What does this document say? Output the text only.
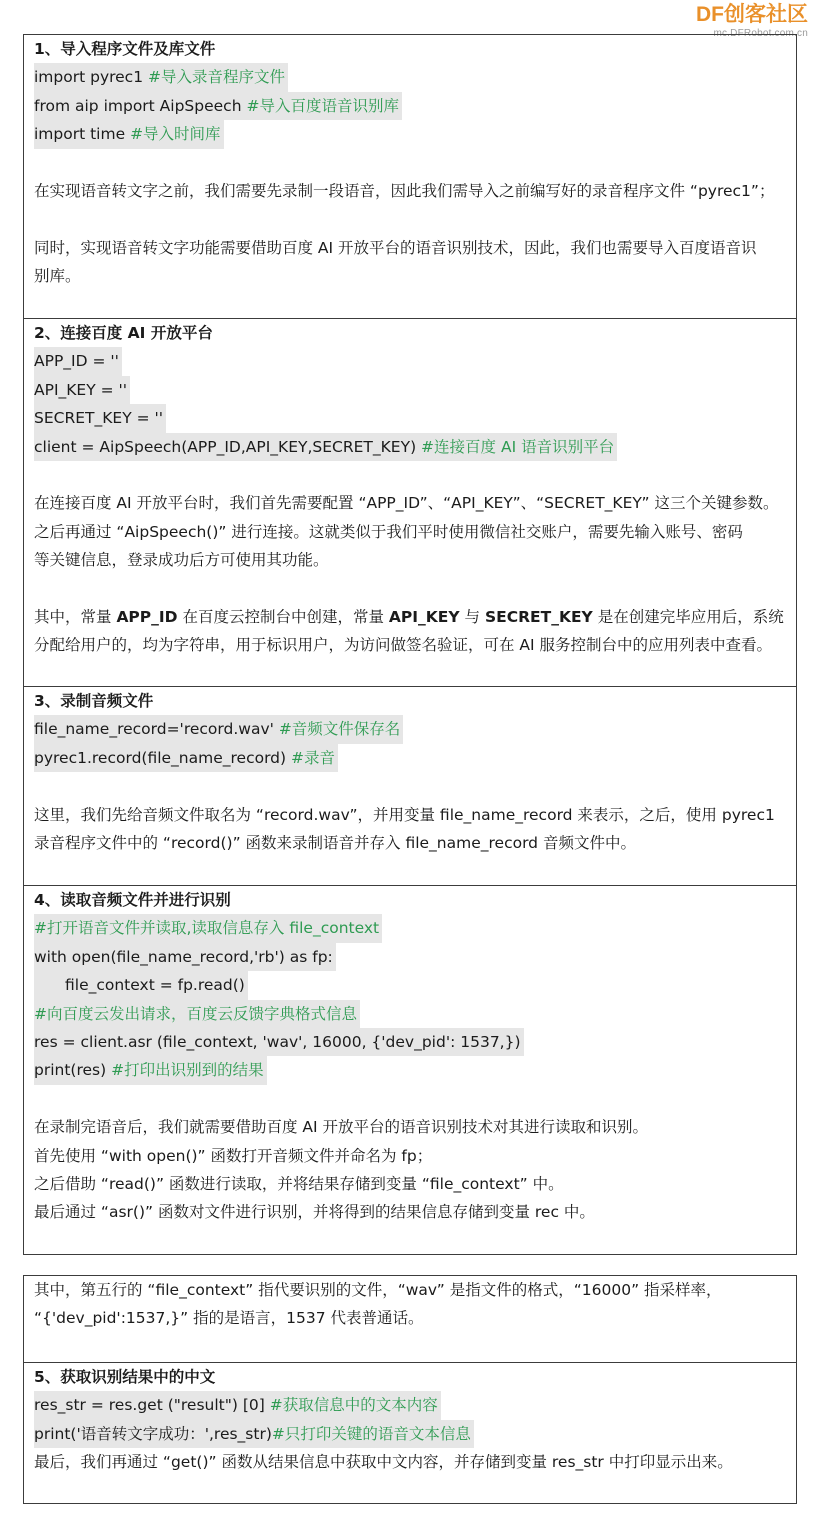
DF创客社区
mc.DFRobot.com.cn
1、导入程序文件及库文件
import pyrec1 #导入录音程序文件
from aip import AipSpeech #导入百度语音识别库
import time #导入时间库
在实现语音转文字之前，我们需要先录制一段语音，因此我们需导入之前编写好的录音程序文件 “pyrec1”；
同时，实现语音转文字功能需要借助百度 AI 开放平台的语音识别技术，因此，我们也需要导入百度语音识
别库。
2、连接百度 AI 开放平台
APP_ID = ''
API_KEY = ''
SECRET_KEY = ''
client = AipSpeech(APP_ID,API_KEY,SECRET_KEY) #连接百度 AI 语音识别平台
在连接百度 AI 开放平台时，我们首先需要配置 “APP_ID”、“API_KEY”、“SECRET_KEY” 这三个关键参数。
之后再通过 “AipSpeech()” 进行连接。这就类似于我们平时使用微信社交账户，需要先输入账号、密码
等关键信息，登录成功后方可使用其功能。
其中，常量 APP_ID 在百度云控制台中创建，常量 API_KEY 与 SECRET_KEY 是在创建完毕应用后，系统
分配给用户的，均为字符串，用于标识用户，为访问做签名验证，可在 AI 服务控制台中的应用列表中查看。
3、录制音频文件
file_name_record='record.wav' #音频文件保存名
pyrec1.record(file_name_record) #录音
这里，我们先给音频文件取名为 “record.wav”，并用变量 file_name_record 来表示，之后，使用 pyrec1
录音程序文件中的 “record()” 函数来录制语音并存入 file_name_record 音频文件中。
4、读取音频文件并进行识别
#打开语音文件并读取,读取信息存入 file_context
with open(file_name_record,'rb') as fp:
file_context = fp.read()
#向百度云发出请求，百度云反馈字典格式信息
res = client.asr (file_context, 'wav', 16000, {'dev_pid': 1537,})
print(res) #打印出识别到的结果
在录制完语音后，我们就需要借助百度 AI 开放平台的语音识别技术对其进行读取和识别。
首先使用 “with open()” 函数打开音频文件并命名为 fp；
之后借助 “read()” 函数进行读取，并将结果存储到变量 “file_context” 中。
最后通过 “asr()” 函数对文件进行识别，并将得到的结果信息存储到变量 rec 中。
其中，第五行的 “file_context” 指代要识别的文件，“wav” 是指文件的格式，“16000” 指采样率，
“{'dev_pid':1537,}” 指的是语言，1537 代表普通话。
5、获取识别结果中的中文
res_str = res.get ("result") [0] #获取信息中的文本内容
print('语音转文字成功：',res_str)#只打印关键的语音文本信息
最后，我们再通过 “get()” 函数从结果信息中获取中文内容，并存储到变量 res_str 中打印显示出来。
